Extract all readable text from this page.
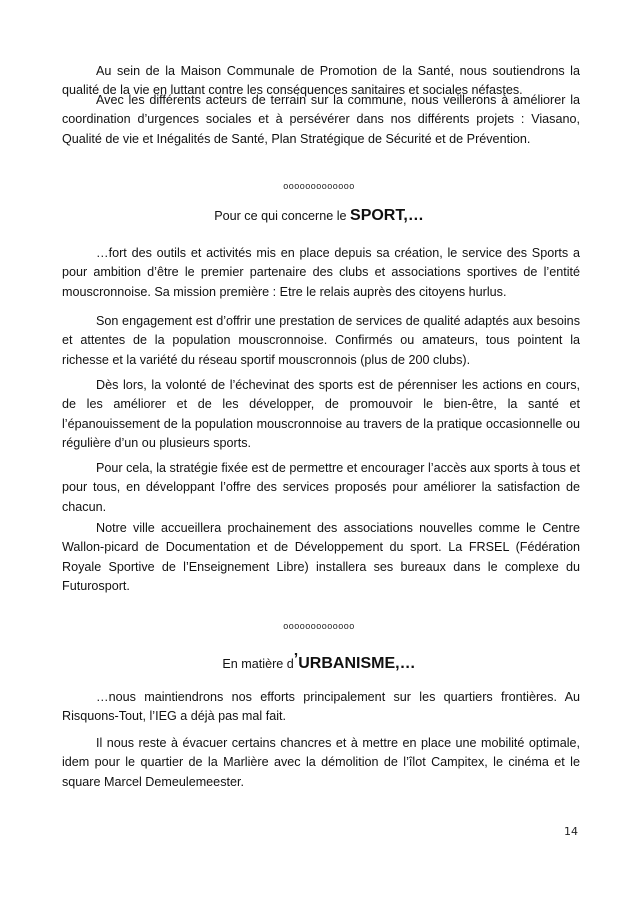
Au sein de la Maison Communale de Promotion de la Santé, nous soutiendrons la qualité de la vie en luttant contre les conséquences sanitaires et sociales néfastes.

Avec les différents acteurs de terrain sur la commune, nous veillerons à améliorer la coordination d’urgences sociales et à persévérer dans nos différents projets : Viasano, Qualité de vie et Inégalités de Santé, Plan Stratégique de Sécurité et de Prévention.

ooooooooooooo
Pour ce qui concerne le SPORT,…

…fort des outils et activités mis en place depuis sa création, le service des Sports a pour ambition d’être le premier partenaire des clubs et associations sportives de l’entité mouscronnoise. Sa mission première : Etre le relais auprès des citoyens hurlus.

Son engagement est d’offrir une prestation de services de qualité adaptés aux besoins et attentes de la population mouscronnoise. Confirmés ou amateurs, tous pointent la richesse et la variété du réseau sportif mouscronnois (plus de 200 clubs).

Dès lors, la volonté de l’échevinat des sports est de pérenniser les actions en cours, de les améliorer et de les développer, de promouvoir le bien-être, la santé et l’épanouissement de la population mouscronnoise au travers de la pratique occasionnelle ou régulière d’un ou plusieurs sports.

Pour cela, la stratégie fixée est de permettre et encourager l’accès aux sports à tous et pour tous, en développant l’offre des services proposés pour améliorer la satisfaction de chacun.

Notre ville accueillera prochainement des associations nouvelles comme le Centre Wallon-picard de Documentation et de Développement du sport. La FRSEL (Fédération Royale Sportive de l’Enseignement Libre) installera ses bureaux dans le complexe du Futurosport.

ooooooooooooo
En matière d’URBANISME,…

…nous maintiendrons nos efforts principalement sur les quartiers frontières. Au Risquons-Tout, l’IEG a déjà pas mal fait.

Il nous reste à évacuer certains chancres et à mettre en place une mobilité optimale, idem pour le quartier de la Marlière avec la démolition de l’îlot Campitex, le cinéma et le square Marcel Demeulemeester.

14
